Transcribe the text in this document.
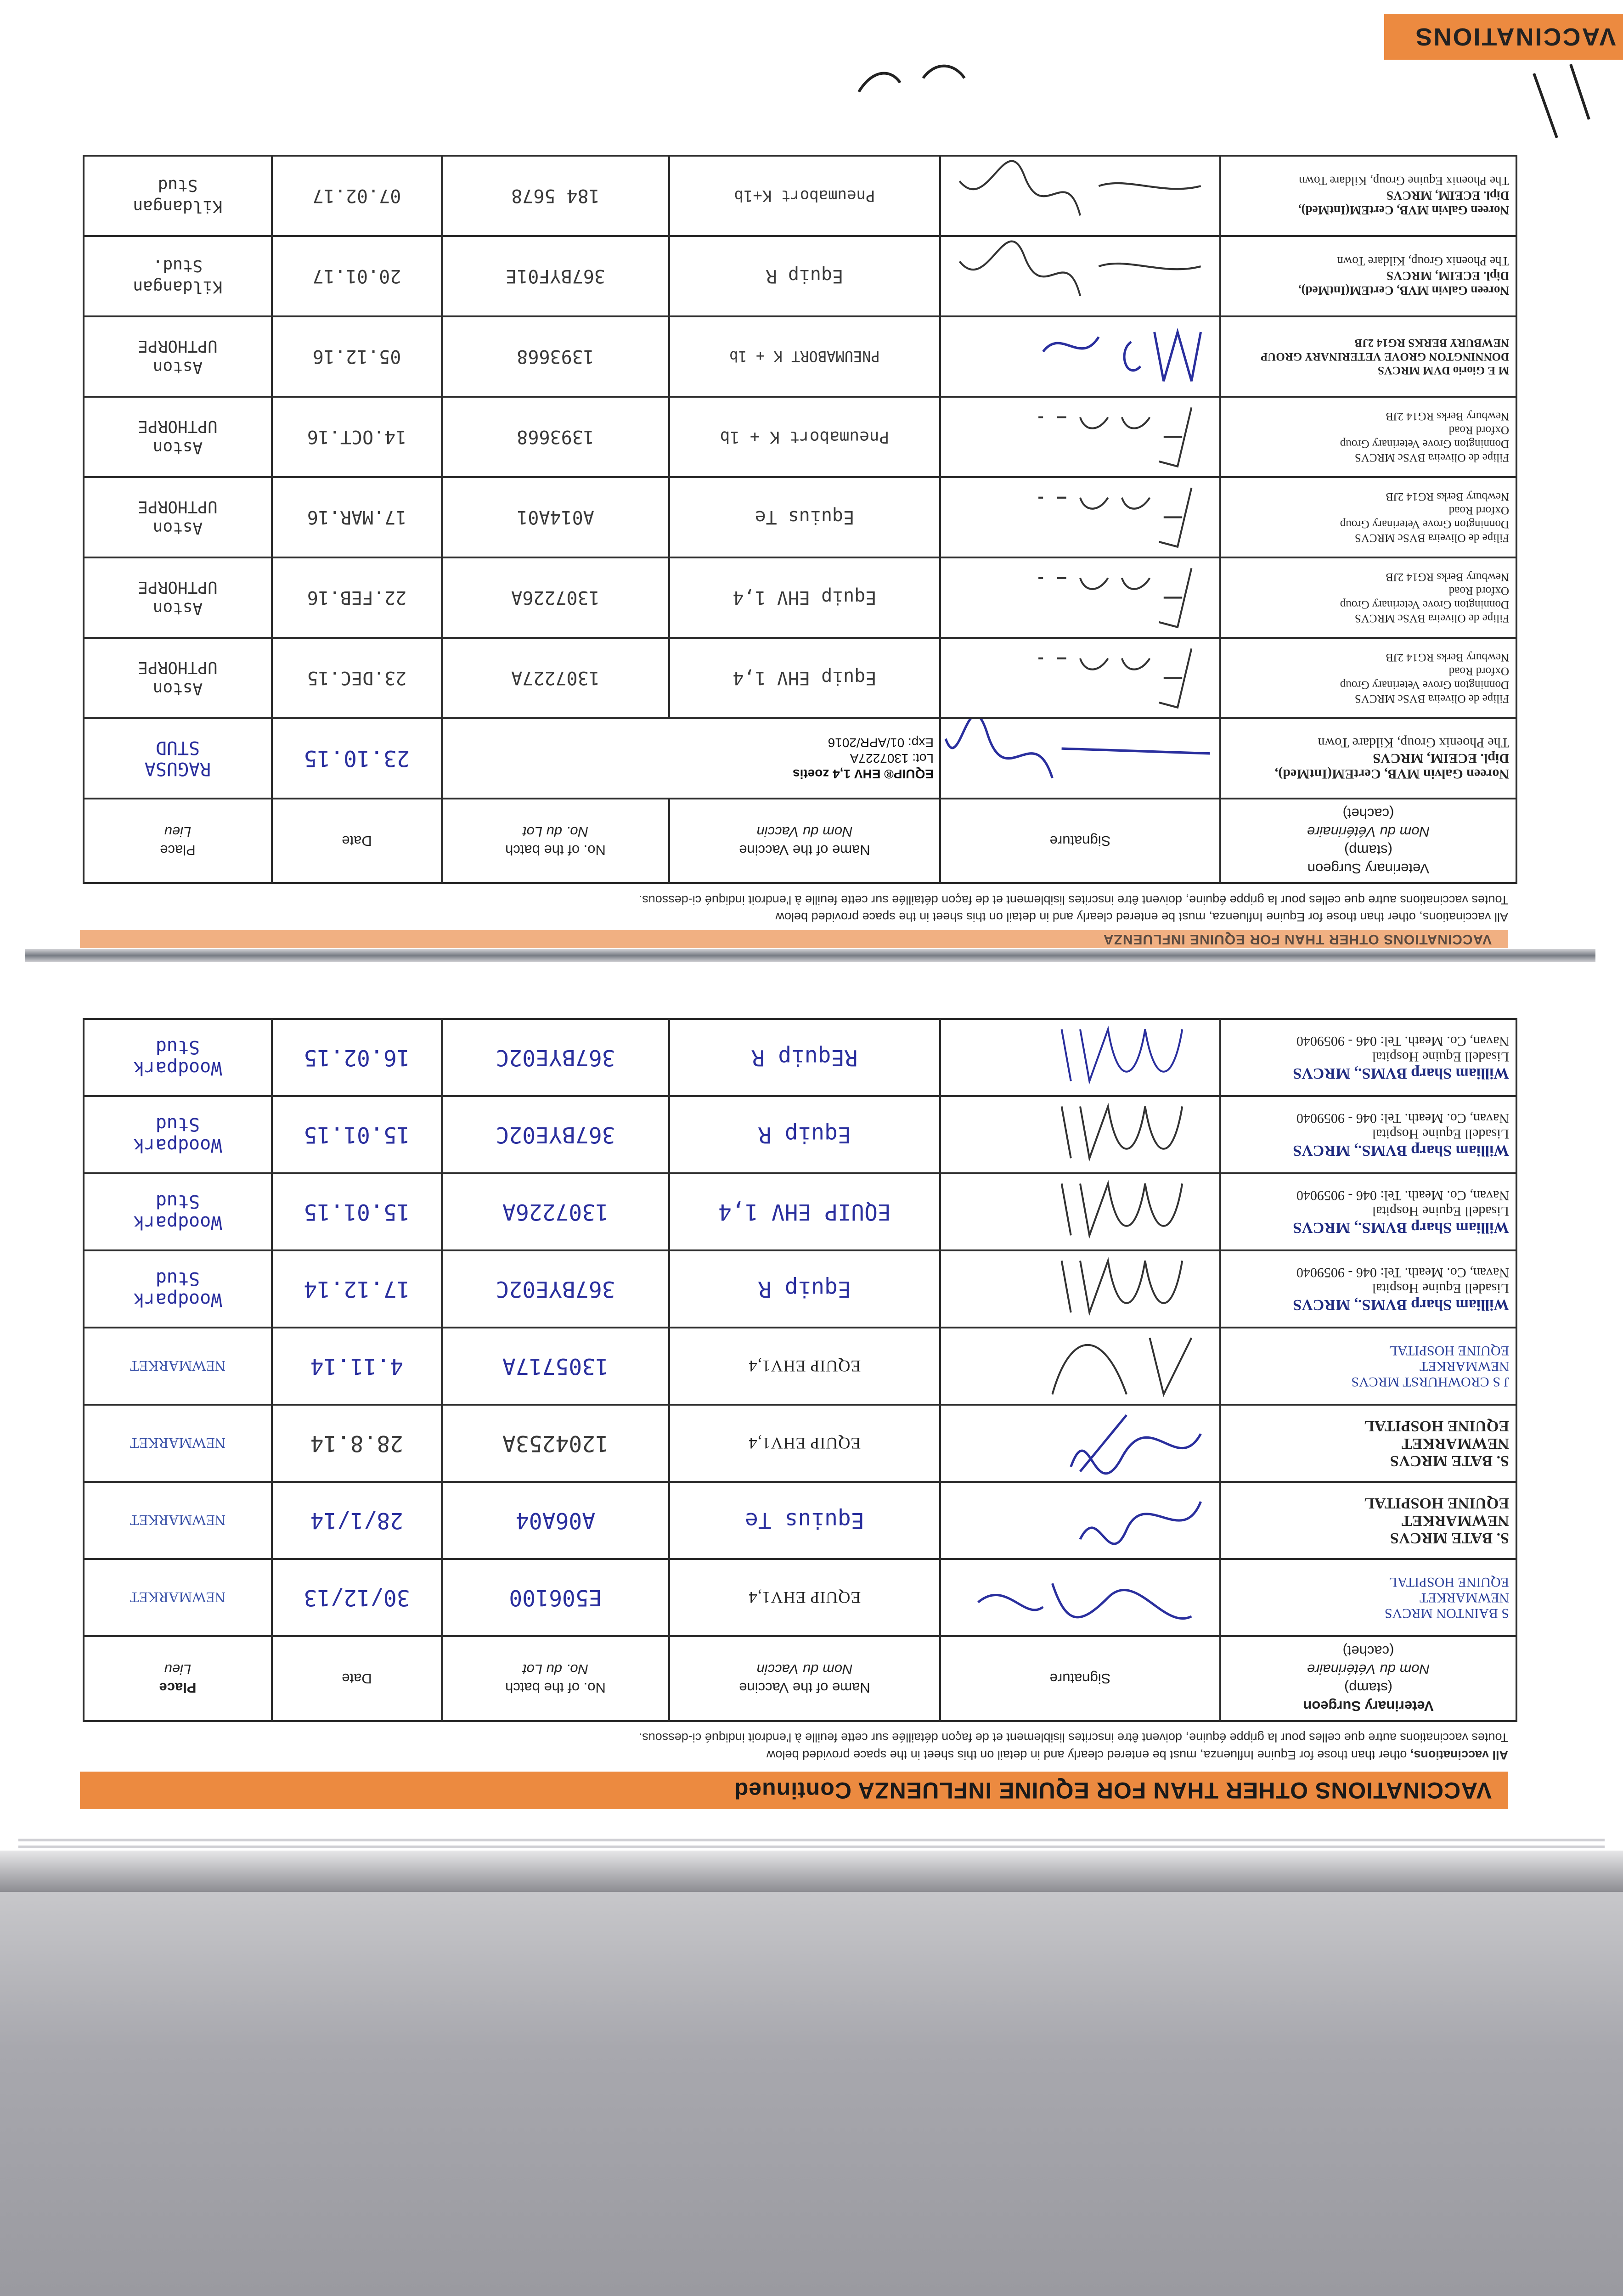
VACCINATIONS OTHER THAN FOR EQUINE INFLUENZA Continued
All vaccinations, other than those for Equine Influenza, must be entered clearly and in detail on this sheet in the space provided below
Toutes vaccinations autre que celles pour la grippe équine, doivent être inscrites lisiblement et de façon détaillée sur cette feuille à l'endroit indiqué ci-dessous.
Veterinary Surgeon
(stamp)
Nom du Vétérinaire
(cachet)	Signature	Name of the Vaccine
Nom du Vaccin	No. of the batch
No. du Lot	Date	Place
Lieu

S BAINTON MRCVS
NEWMARKET
EQUINE HOSPITAL		EQUIP EHV1,4	E506100	30/12/13	NEWMARKET

S. BATE MRCVS
NEWMARKET
EQUINE HOSPITAL		Equius Te	A06A04	28/1/14	NEWMARKET

S. BATE MRCVS
NEWMARKET
EQUINE HOSPITAL		EQUIP EHV1,4	1204253A	28.8.14	NEWMARKET

J S CROWHURST MRCVS
NEWMARKET
EQUINE HOSPITAL		EQUIP EHV1,4	1305717A	4.11.14	NEWMARKET

William Sharp BVMS., MRCVS
Lisadell Equine Hospital
Navan, Co. Meath. Tel: 046 - 9059040		Equip R	367BYE02C	17.12.14	Woodpark
Stud

William Sharp BVMS., MRCVS
Lisadell Equine Hospital
Navan, Co. Meath. Tel: 046 - 9059040		EQUIP EHV 1,4	1307226A	15.01.15	Woodpark
Stud

William Sharp BVMS., MRCVS
Lisadell Equine Hospital
Navan, Co. Meath. Tel: 046 - 9059040		Equip R	367BYE02C	15.01.15	Woodpark
Stud

William Sharp BVMS., MRCVS
Lisadell Equine Hospital
Navan, Co. Meath. Tel: 046 - 9059040		REquip R	367BYE02C	16.02.15	Woodpark
Stud
VACCINATIONS OTHER THAN FOR EQUINE INFLUENZA
All vaccinations, other than those for Equine Influenza, must be entered clearly and in detail on this sheet in the space provided below
Toutes vaccinations autre que celles pour la grippe équine, doivent être inscrites lisiblement et de façon détaillée sur cette feuille à l'endroit indiqué ci-dessous.
Veterinary Surgeon
(stamp)
Nom du Vétérinaire
(cachet)	Signature	Name of the Vaccine
Nom du Vaccin	No. of the batch
No. du Lot	Date	Place
Lieu

Noreen Galvin MVB, CertEM(IntMed),
Dipl. ECEIM, MRCVS
The Phoenix Group, Kildare Town		EQUIP® EHV 1,4 zoetis
Lot: 1307227A
Exp: 01/APR/2016		23.10.15	RAGUSA
STUD

Filipe de Oliveira BVSc MRCVS
Donnington Grove Veterinary Group
Oxford Road
Newbury Berks RG14 2JB		Equip EHV 1,4	1307227A	23.DEC.15	Aston
UPTHORPE

Filipe de Oliveira BVSc MRCVS
Donnington Grove Veterinary Group
Oxford Road
Newbury Berks RG14 2JB		Equip EHV 1,4	1307226A	22.FEB.16	Aston
UPTHORPE

Filipe de Oliveira BVSc MRCVS
Donnington Grove Veterinary Group
Oxford Road
Newbury Berks RG14 2JB		Equius Te	A014A01	17.MAR.16	Aston
UPTHORPE

Filipe de Oliveira BVSc MRCVS
Donnington Grove Veterinary Group
Oxford Road
Newbury Berks RG14 2JB		Pneumabort K + 1b	1393668	14.OCT.16	Aston
UPTHORPE

M E Giorio DVM MRCVS
DONNINGTON GROVE VETERINARY GROUP
NEWBURY BERKS RG14 2JB		PNEUMABORT K + 1b	1393668	05.12.16	Aston
UPTHORPE

Noreen Galvin MVB, CertEM(IntMed),
Dipl. ECEIM, MRCVS
The Phoenix Group, Kildare Town		Equip R	367BYF01E	20.01.17	Kildangan
Stud.

Noreen Galvin MVB, CertEM(IntMed),
Dipl. ECEIM, MRCVS
The Phoenix Equine Group, Kildare Town		Pneumabort K+1b	184 5678	07.02.17	Kildangan
Stud
VACCINATIONS
